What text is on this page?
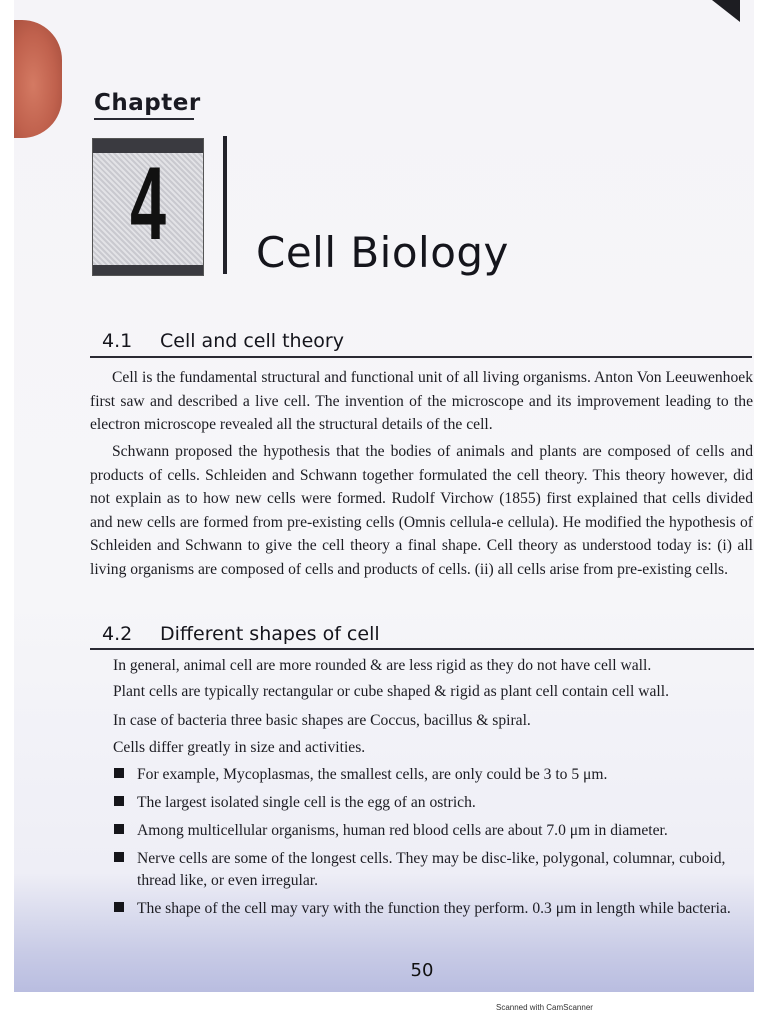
Chapter
4	Cell Biology
4.1 Cell and cell theory

Cell is the fundamental structural and functional unit of all living organisms. Anton Von Leeuwenhoek first saw and described a live cell. The invention of the microscope and its improvement leading to the electron microscope revealed all the structural details of the cell.

Schwann proposed the hypothesis that the bodies of animals and plants are composed of cells and products of cells. Schleiden and Schwann together formulated the cell theory. This theory however, did not explain as to how new cells were formed. Rudolf Virchow (1855) first explained that cells divided and new cells are formed from pre-existing cells (Omnis cellula-e cellula). He modified the hypothesis of Schleiden and Schwann to give the cell theory a final shape. Cell theory as understood today is: (i) all living organisms are composed of cells and products of cells. (ii) all cells arise from pre-existing cells.

4.2 Different shapes of cell
In general, animal cell are more rounded & are less rigid as they do not have cell wall.
Plant cells are typically rectangular or cube shaped & rigid as plant cell contain cell wall.
In case of bacteria three basic shapes are Coccus, bacillus & spiral.
Cells differ greatly in size and activities.
For example, Mycoplasmas, the smallest cells, are only could be 3 to 5 μm.
The largest isolated single cell is the egg of an ostrich.
Among multicellular organisms, human red blood cells are about 7.0 μm in diameter.
Nerve cells are some of the longest cells. They may be disc-like, polygonal, columnar, cuboid, thread like, or even irregular.
The shape of the cell may vary with the function they perform. 0.3 μm in length while bacteria.
50
Scanned with CamScanner
